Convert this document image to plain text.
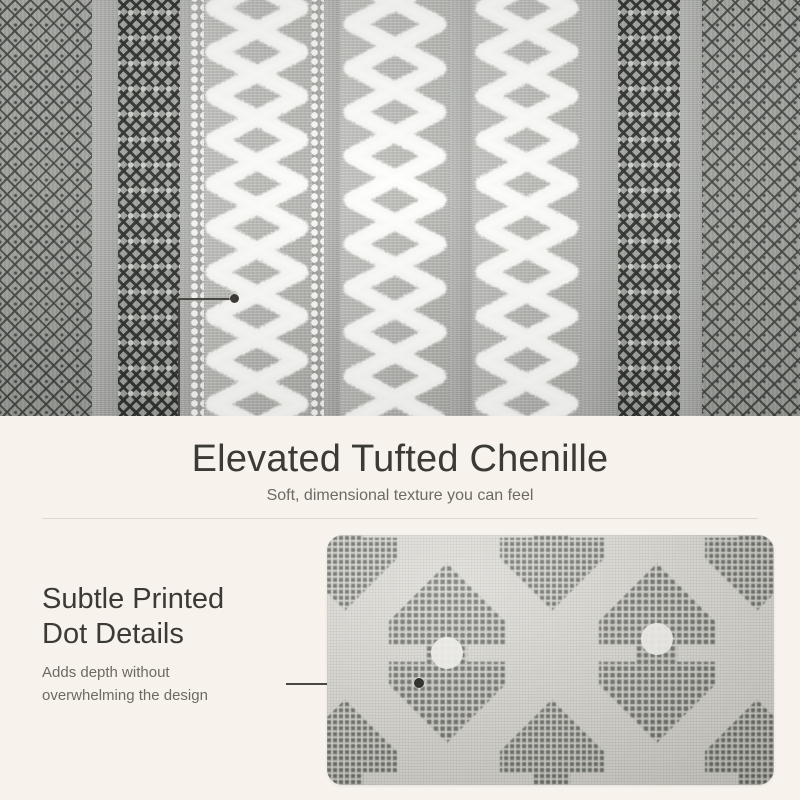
Elevated Tufted Chenille
Soft, dimensional texture you can feel
Subtle Printed
Dot Details
Adds depth without
overwhelming the design
